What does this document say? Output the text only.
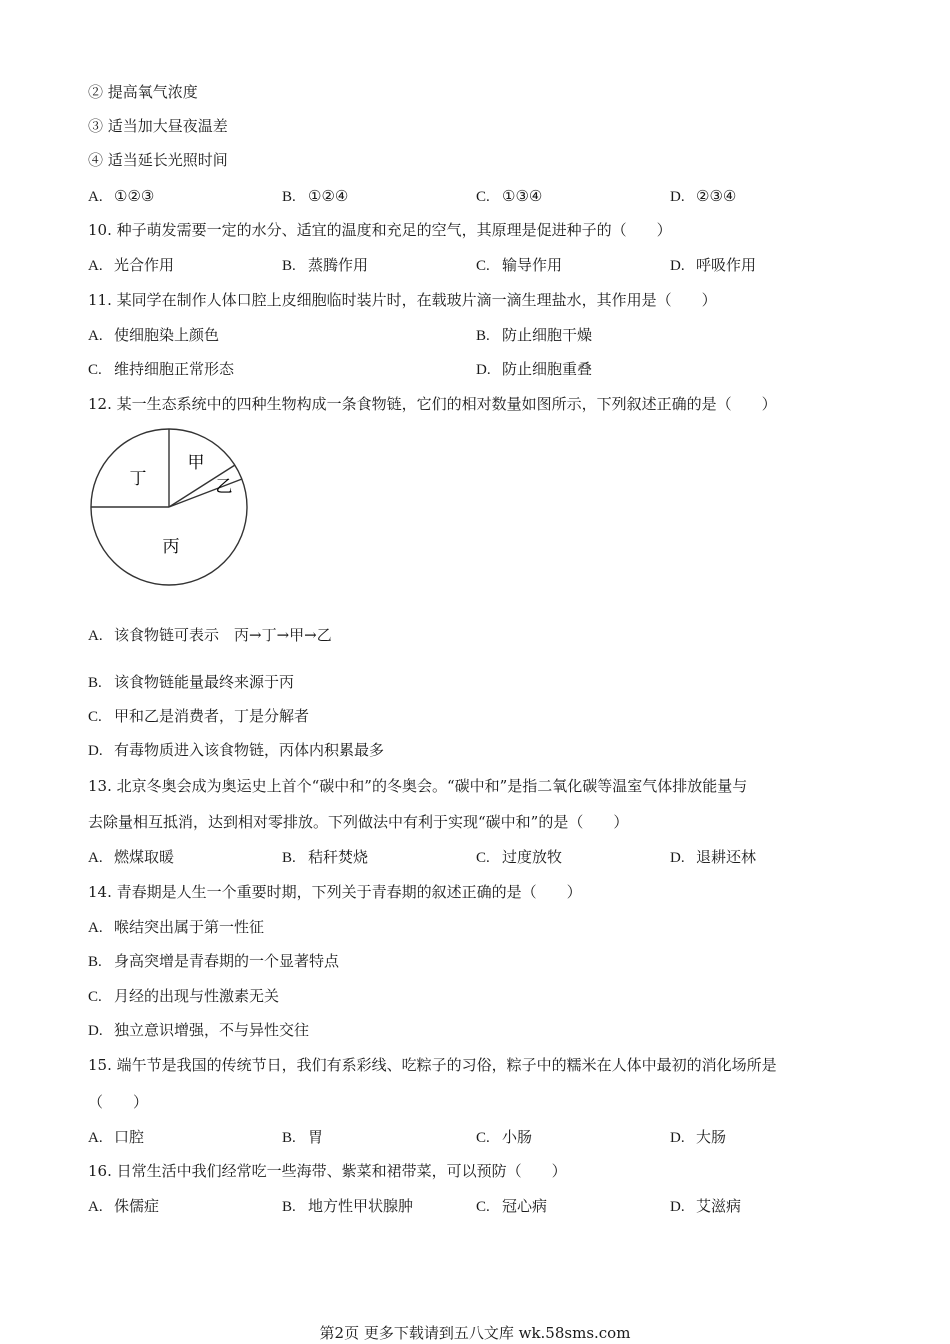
② 提高氧气浓度
③ 适当加大昼夜温差
④ 适当延长光照时间
A. ①②③	B. ①②④	C. ①③④	D. ②③④
10. 种子萌发需要一定的水分、适宜的温度和充足的空气，其原理是促进种子的（　　）
A. 光合作用	B. 蒸腾作用	C. 输导作用	D. 呼吸作用
11. 某同学在制作人体口腔上皮细胞临时装片时，在载玻片滴一滴生理盐水，其作用是（　　）
A. 使细胞染上颜色	B. 防止细胞干燥
C. 维持细胞正常形态	D. 防止细胞重叠
12. 某一生态系统中的四种生物构成一条食物链，它们的相对数量如图所示，下列叙述正确的是（　　）
丁
甲
乙
丙
A. 该食物链可表示　丙→丁→甲→乙
B. 该食物链能量最终来源于丙
C. 甲和乙是消费者，丁是分解者
D. 有毒物质进入该食物链，丙体内积累最多
13. 北京冬奥会成为奥运史上首个“碳中和”的冬奥会。“碳中和”是指二氧化碳等温室气体排放能量与
去除量相互抵消，达到相对零排放。下列做法中有利于实现“碳中和”的是（　　）
A. 燃煤取暖	B. 秸秆焚烧	C. 过度放牧	D. 退耕还林
14. 青春期是人生一个重要时期，下列关于青春期的叙述正确的是（　　）
A. 喉结突出属于第一性征
B. 身高突增是青春期的一个显著特点
C. 月经的出现与性激素无关
D. 独立意识增强，不与异性交往
15. 端午节是我国的传统节日，我们有系彩线、吃粽子的习俗，粽子中的糯米在人体中最初的消化场所是
（　　）
A. 口腔	B. 胃	C. 小肠	D. 大肠
16. 日常生活中我们经常吃一些海带、紫菜和裙带菜，可以预防（　　）
A. 侏儒症	B. 地方性甲状腺肿	C. 冠心病	D. 艾滋病
第2页 更多下载请到五八文库 wk.58sms.com
